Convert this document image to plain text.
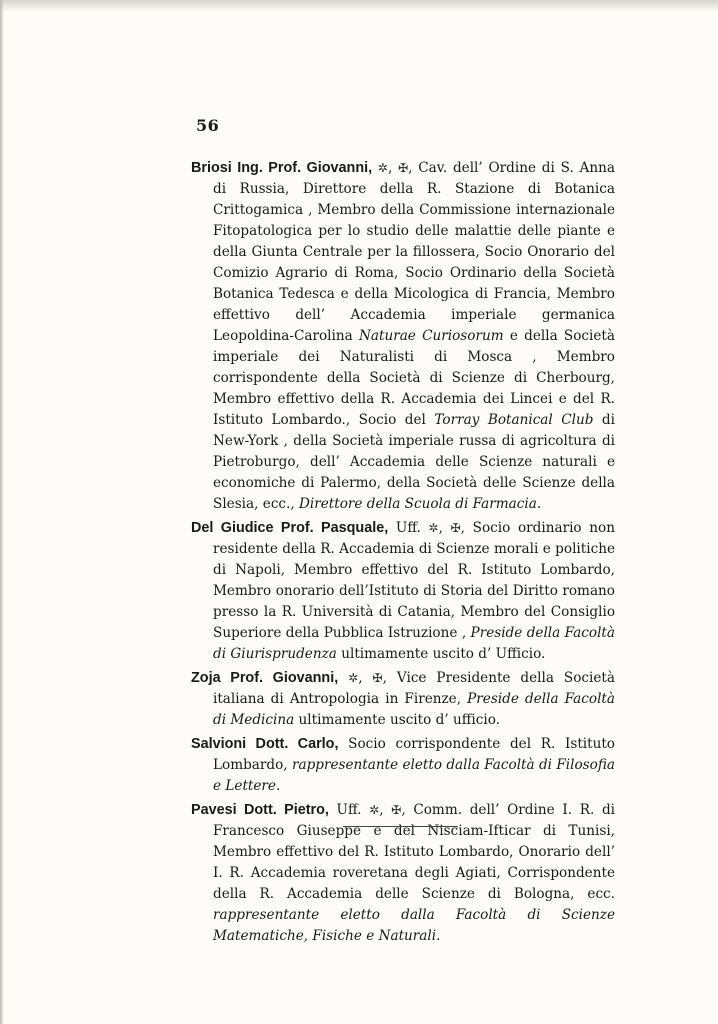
56

Briosi Ing. Prof. Giovanni, ✲, ✠, Cav. dell’ Ordine di S. Anna di Russia, Direttore della R. Stazione di Botanica Crittogamica , Membro della Commissione internazionale Fitopatologica per lo studio delle malattie delle piante e della Giunta Centrale per la fillossera, Socio Onorario del Comizio Agrario di Roma, Socio Ordinario della Società Botanica Tedesca e della Micologica di Francia, Membro effettivo dell’ Accademia imperiale germanica Leopoldina-Carolina Naturae Curiosorum e della Società imperiale dei Naturalisti di Mosca , Membro corrispondente della Società di Scienze di Cherbourg, Membro effettivo della R. Accademia dei Lincei e del R. Istituto Lombardo., Socio del Torray Botanical Club di New-York , della Società imperiale russa di agricoltura di Pietroburgo, dell’ Accademia delle Scienze naturali e economiche di Palermo, della Società delle Scienze della Slesia, ecc., Direttore della Scuola di Farmacia.

Del Giudice Prof. Pasquale, Uff. ✲, ✠, Socio ordinario non residente della R. Accademia di Scienze morali e politiche di Napoli, Membro effettivo del R. Istituto Lombardo, Membro onorario dell’Istituto di Storia del Diritto romano presso la R. Università di Catania, Membro del Consiglio Superiore della Pubblica Istruzione , Preside della Facoltà di Giurisprudenza ultimamente uscito d’ Ufficio.

Zoja Prof. Giovanni, ✲, ✠, Vice Presidente della Società italiana di Antropologia in Firenze, Preside della Facoltà di Medicina ultimamente uscito d’ ufficio.

Salvioni Dott. Carlo, Socio corrispondente del R. Istituto Lombardo, rappresentante eletto dalla Facoltà di Filosofia e Lettere.

Pavesi Dott. Pietro, Uff. ✲, ✠, Comm. dell’ Ordine I. R. di Francesco Giuseppe e del Nisciam-Ifticar di Tunisi, Membro effettivo del R. Istituto Lombardo, Onorario dell’ I. R. Accademia roveretana degli Agiati, Corrispondente della R. Accademia delle Scienze di Bologna, ecc. rappresentante eletto dalla Facoltà di Scienze Matematiche, Fisiche e Naturali.
